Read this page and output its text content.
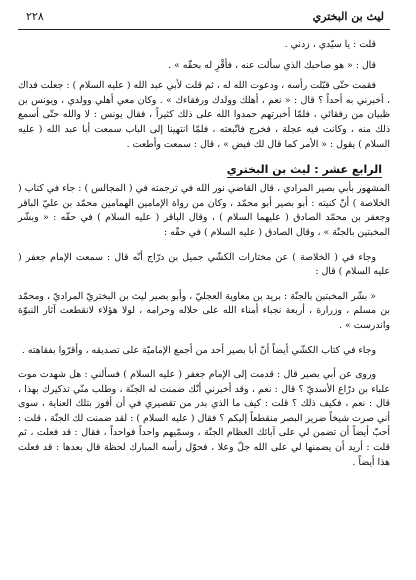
ليث بن البختري
٢٢٨

قلت : يا سيّدي ، زدني .

قال : « هو صاحبك الذي سألت عنه ، فأقْرِ له بحقّه » .

فقمت حتّى قبّلت رأسه ، ودعوت الله له ، ثم قلت لأبي عبد الله ( عليه السلام ) : جعلت فداك ، أخبرني به أحداً ؟ قال : « نعم ، أهلك وولدك ورفقاءك » . وكان معي أهلي وولدي ، ويونس بن ظبيان من رفقائي ، فلمّا أخبرتهم حمدوا الله على ذلك كثيراً ، فقال يونس : لا والله حتّى أسمع ذلك منه ، وكانت فيه عجلة ، فخرج فاتّبعته ، فلمّا انتهينا إلى الباب سمعت أبا عبد الله ( عليه السلام ) يقول : « الأمر كما قال لك فيض » ، قال : سمعت وأطعت .

الرابع عشر : ليث بن البختري

المشهور بأبي بصير المرادي ، قال القاضي نور الله في ترجمته في ( المجالس ) : جاء في كتاب ( الخلاصة ) أنّ كنيته : أبو بصير أبو محمّد ، وكان من رواة الإمامين الهمامين محمّد بن عليّ الباقر وجعفر بن محمّد الصادق ( عليهما السلام ) ، وقال الباقر ( عليه السلام ) في حقّه : « وبشّر المخبتين بالجنّة » ، وقال الصادق ( عليه السلام ) في حقّه :

وجاء في ( الخلاصة ) عن مختارات الكشّي جميل بن درّاج أنّه قال : سمعت الإمام جعفر ( عليه السلام ) قال :

« بشّر المخبتين بالجنّة : بريد بن معاوية العجليّ ، وأبو بصير ليث بن البختريّ المراديّ ، ومحمّد بن مسلم ، وزرارة ، أربعة نجباء أمناء الله على حلاله وحرامه ، لولا هؤلاء لانقطعت آثار النبوّة واندرست » .

وجاء في كتاب الكشّي أيضاً أنّ أبا بصير أحد من أجمع الإماميّة على تصديقه ، وأقرّوا بفقاهته .

وروى عن أبي بصير قال : قدمت إلى الإمام جعفر ( عليه السلام ) فسألني : هل شهدت موت علباء بن درّاع الأسديّ ؟ قال : نعم ، وقد أخبرني أنّك ضمنت له الجنّة ، وطلب منّي تذكيرك بهذا ، قال : نعم ، فكيف ذلك ؟ قلت : كيف ما الذي بدر من تقصيري في أن أفوز بتلك العناية ، سوى أني صرت شيخاً ضرير البصر منقطعاً إليكم ؟ فقال ( عليه السلام ) : لقد ضمنت لك الجنّة ، قلت : أحبّ أيضاً أن تضمن لي على آبائك العظام الجنّة ، وسمّيهم واحداً فواحداً ، فقال : قد فعلت ، ثم قلت : أريد أن يضمنها لي على الله جلّ وعلا ، فحوّل رأسه المبارك لحظة قال بعدها : قد فعلت هذا أيضاً .
